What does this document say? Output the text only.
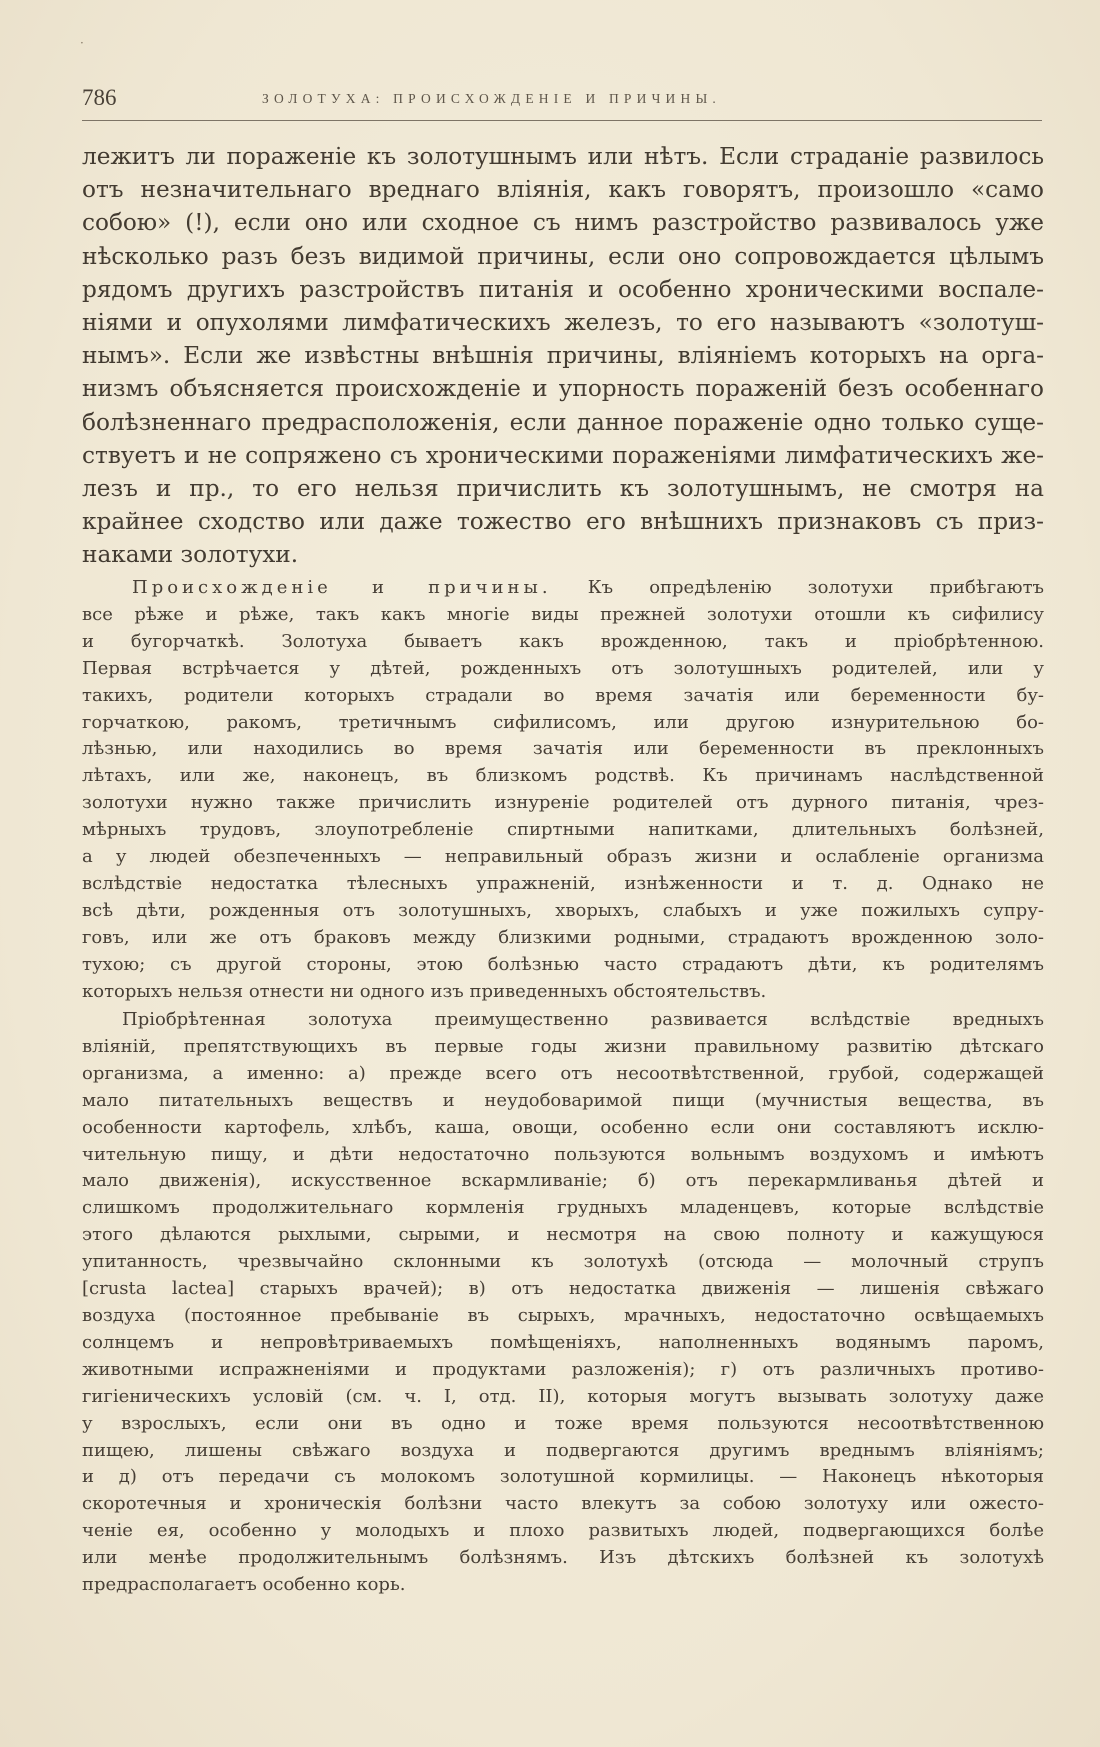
·
786	ЗОЛОТУХА: ПРОИСХОЖДЕНІЕ И ПРИЧИНЫ.
лежитъ ли пораженіе къ золотушнымъ или нѣтъ. Если страданіе развилось
отъ незначительнаго вреднаго вліянія, какъ говорятъ, произошло «само
собою» (!), если оно или сходное съ нимъ разстройство развивалось уже
нѣсколько разъ безъ видимой причины, если оно сопровождается цѣлымъ
рядомъ другихъ разстройствъ питанія и особенно хроническими воспале-
ніями и опухолями лимфатическихъ железъ, то его называютъ «золотуш-
нымъ». Если же извѣстны внѣшнія причины, вліяніемъ которыхъ на орга-
низмъ объясняется происхожденіе и упорность пораженій безъ особеннаго
болѣзненнаго предрасположенія, если данное пораженіе одно только суще-
ствуетъ и не сопряжено съ хроническими пораженіями лимфатическихъ же-
лезъ и пр., то его нельзя причислить къ золотушнымъ, не смотря на
крайнее сходство или даже тожество его внѣшнихъ признаковъ съ приз-
наками золотухи.
Происхожденіе и причины. Къ опредѣленію золотухи прибѣгаютъ
все рѣже и рѣже, такъ какъ многіе виды прежней золотухи отошли къ сифилису
и бугорчаткѣ. Золотуха бываетъ какъ врожденною, такъ и пріобрѣтенною.
Первая встрѣчается у дѣтей, рожденныхъ отъ золотушныхъ родителей, или у
такихъ, родители которыхъ страдали во время зачатія или беременности бу-
горчаткою, ракомъ, третичнымъ сифилисомъ, или другою изнурительною бо-
лѣзнью, или находились во время зачатія или беременности въ преклонныхъ
лѣтахъ, или же, наконецъ, въ близкомъ родствѣ. Къ причинамъ наслѣдственной
золотухи нужно также причислить изнуреніе родителей отъ дурного питанія, чрез-
мѣрныхъ трудовъ, злоупотребленіе спиртными напитками, длительныхъ болѣзней,
а у людей обезпеченныхъ — неправильный образъ жизни и ослабленіе организма
вслѣдствіе недостатка тѣлесныхъ упражненій, изнѣженности и т. д. Однако не
всѣ дѣти, рожденныя отъ золотушныхъ, хворыхъ, слабыхъ и уже пожилыхъ супру-
говъ, или же отъ браковъ между близкими родными, страдаютъ врожденною золо-
тухою; съ другой стороны, этою болѣзнью часто страдаютъ дѣти, къ родителямъ
которыхъ нельзя отнести ни одного изъ приведенныхъ обстоятельствъ.
Пріобрѣтенная золотуха преимущественно развивается вслѣдствіе вредныхъ
вліяній, препятствующихъ въ первые годы жизни правильному развитію дѣтскаго
организма, а именно: а) прежде всего отъ несоотвѣтственной, грубой, содержащей
мало питательныхъ веществъ и неудобоваримой пищи (мучнистыя вещества, въ
особенности картофель, хлѣбъ, каша, овощи, особенно если они составляютъ исклю-
чительную пищу, и дѣти недостаточно пользуются вольнымъ воздухомъ и имѣютъ
мало движенія), искусственное вскармливаніе; б) отъ перекармливанья дѣтей и
слишкомъ продолжительнаго кормленія грудныхъ младенцевъ, которые вслѣдствіе
этого дѣлаются рыхлыми, сырыми, и несмотря на свою полноту и кажущуюся
упитанность, чрезвычайно склонными къ золотухѣ (отсюда — молочный струпъ
[crusta lactea] старыхъ врачей); в) отъ недостатка движенія — лишенія свѣжаго
воздуха (постоянное пребываніе въ сырыхъ, мрачныхъ, недостаточно освѣщаемыхъ
солнцемъ и непровѣтриваемыхъ помѣщеніяхъ, наполненныхъ водянымъ паромъ,
животными испражненіями и продуктами разложенія); г) отъ различныхъ противо-
гигіеническихъ условій (см. ч. I, отд. II), которыя могутъ вызывать золотуху даже
у взрослыхъ, если они въ одно и тоже время пользуются несоотвѣтственною
пищею, лишены свѣжаго воздуха и подвергаются другимъ вреднымъ вліяніямъ;
и д) отъ передачи съ молокомъ золотушной кормилицы. — Наконецъ нѣкоторыя
скоротечныя и хроническія болѣзни часто влекутъ за собою золотуху или ожесто-
ченіе ея, особенно у молодыхъ и плохо развитыхъ людей, подвергающихся болѣе
или менѣе продолжительнымъ болѣзнямъ. Изъ дѣтскихъ болѣзней къ золотухѣ
предрасполагаетъ особенно корь.
